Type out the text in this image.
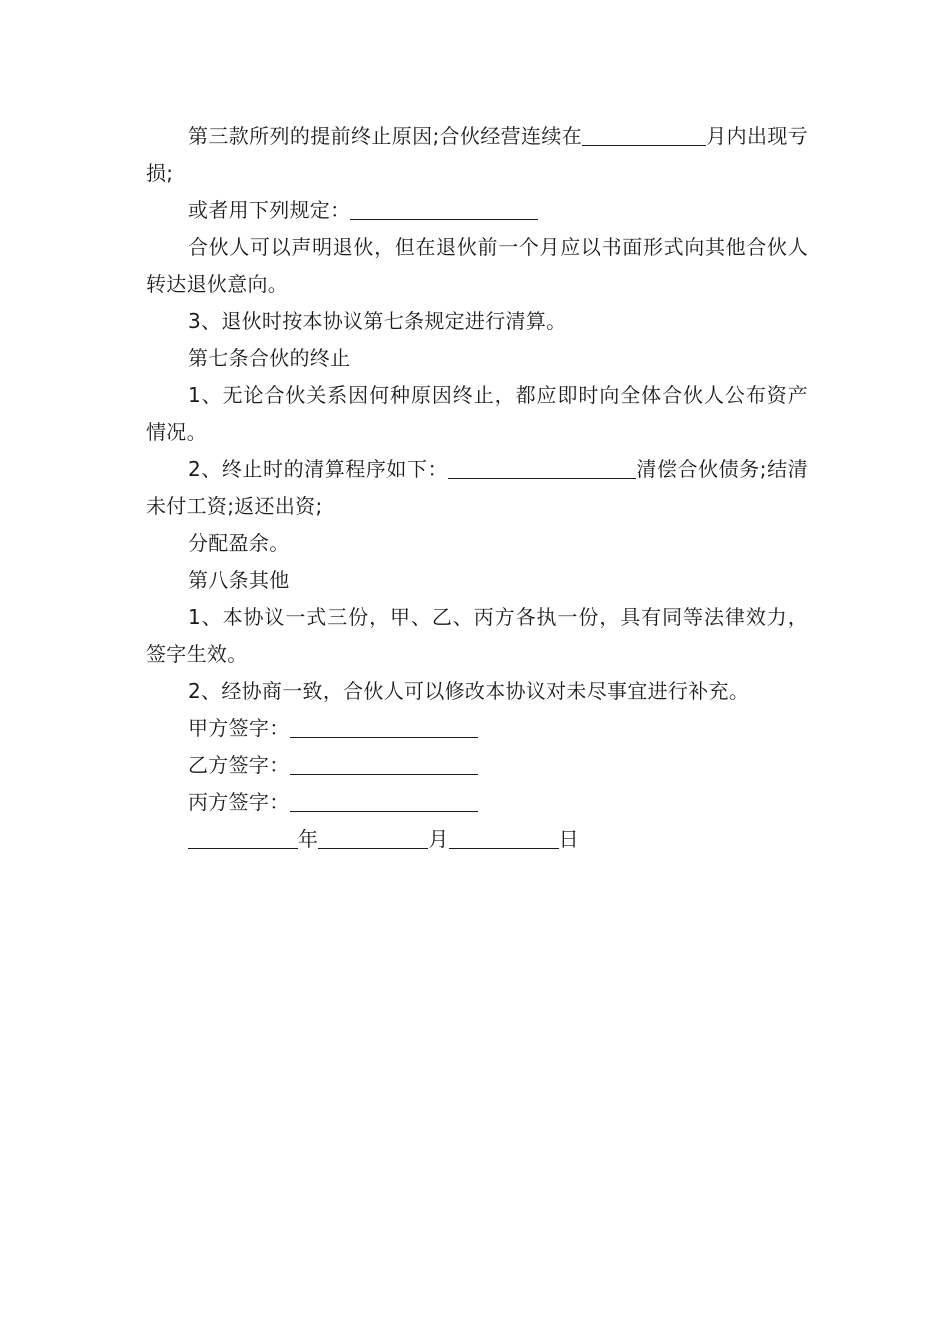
第三款所列的提前终止原因;合伙经营连续在	月内出现亏损;

或者用下列规定：

合伙人可以声明退伙，但在退伙前一个月应以书面形式向其他合伙人转达退伙意向。

3、退伙时按本协议第七条规定进行清算。

第七条合伙的终止

1、无论合伙关系因何种原因终止，都应即时向全体合伙人公布资产情况。

2、终止时的清算程序如下：	清偿合伙债务;结清未付工资;返还出资;

分配盈余。

第八条其他

1、本协议一式三份，甲、乙、丙方各执一份，具有同等法律效力，签字生效。

2、经协商一致，合伙人可以修改本协议对未尽事宜进行补充。

甲方签字：

乙方签字：

丙方签字：

年	月	日
